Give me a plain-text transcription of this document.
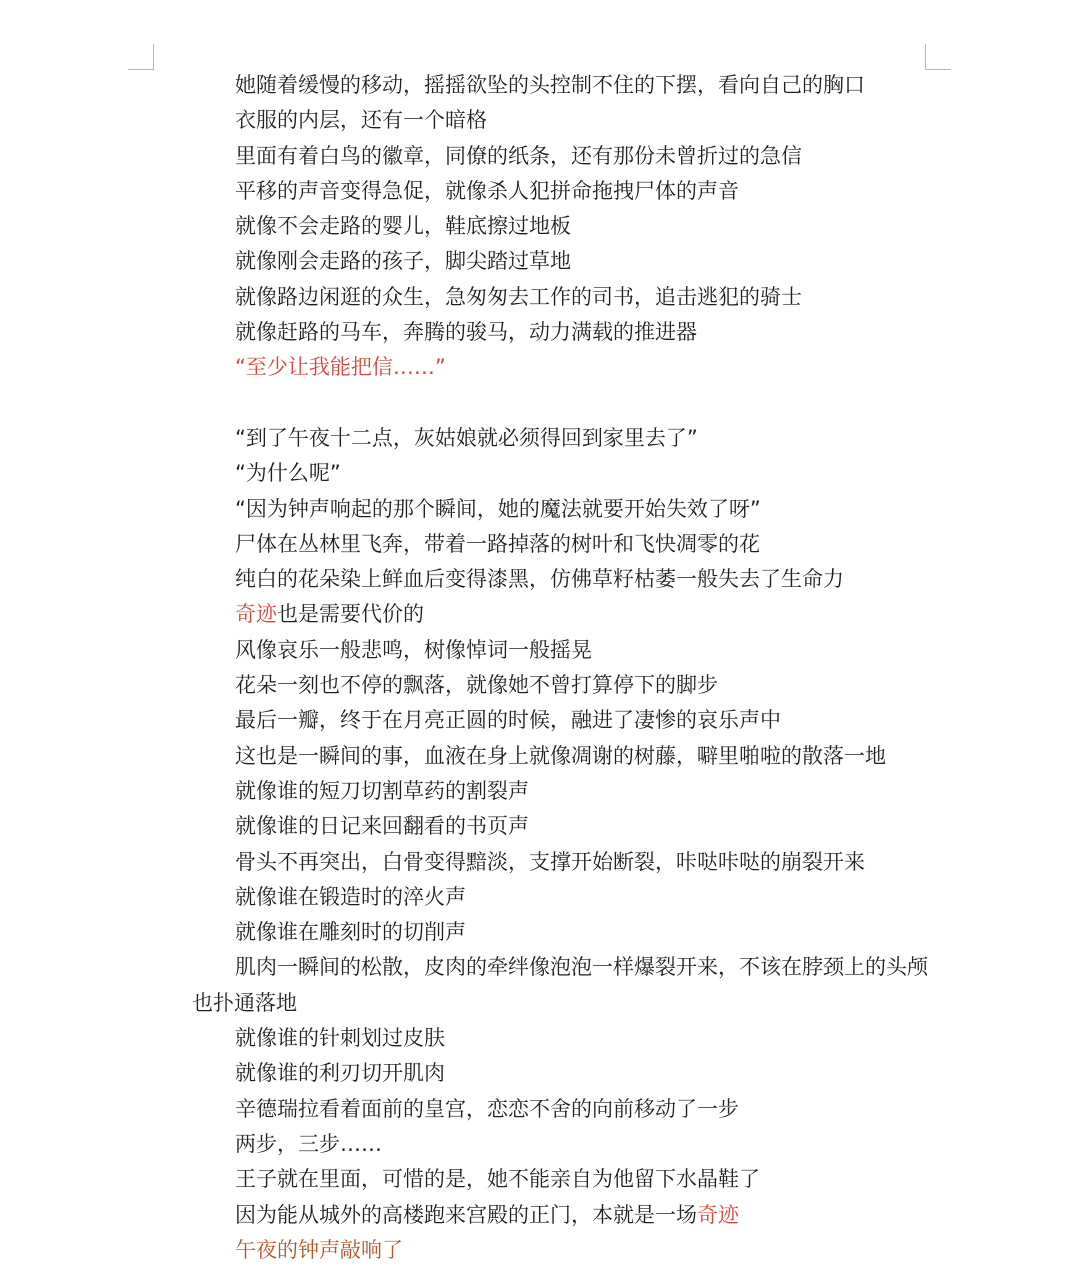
她随着缓慢的移动，摇摇欲坠的头控制不住的下摆，看向自己的胸口
衣服的内层，还有一个暗格
里面有着白鸟的徽章，同僚的纸条，还有那份未曾折过的急信
平移的声音变得急促，就像杀人犯拼命拖拽尸体的声音
就像不会走路的婴儿，鞋底擦过地板
就像刚会走路的孩子，脚尖踏过草地
就像路边闲逛的众生，急匆匆去工作的司书，追击逃犯的骑士
就像赶路的马车，奔腾的骏马，动力满载的推进器
“至少让我能把信……”
“到了午夜十二点，灰姑娘就必须得回到家里去了”
“为什么呢”
“因为钟声响起的那个瞬间，她的魔法就要开始失效了呀”
尸体在丛林里飞奔，带着一路掉落的树叶和飞快凋零的花
纯白的花朵染上鲜血后变得漆黑，仿佛草籽枯萎一般失去了生命力
奇迹也是需要代价的
风像哀乐一般悲鸣，树像悼词一般摇晃
花朵一刻也不停的飘落，就像她不曾打算停下的脚步
最后一瓣，终于在月亮正圆的时候，融进了凄惨的哀乐声中
这也是一瞬间的事，血液在身上就像凋谢的树藤，噼里啪啦的散落一地
就像谁的短刀切割草药的割裂声
就像谁的日记来回翻看的书页声
骨头不再突出，白骨变得黯淡，支撑开始断裂，咔哒咔哒的崩裂开来
就像谁在锻造时的淬火声
就像谁在雕刻时的切削声
肌肉一瞬间的松散，皮肉的牵绊像泡泡一样爆裂开来，不该在脖颈上的头颅也扑通落地
就像谁的针刺划过皮肤
就像谁的利刃切开肌肉
辛德瑞拉看着面前的皇宫，恋恋不舍的向前移动了一步
两步，三步……
王子就在里面，可惜的是，她不能亲自为他留下水晶鞋了
因为能从城外的高楼跑来宫殿的正门，本就是一场奇迹
午夜的钟声敲响了
